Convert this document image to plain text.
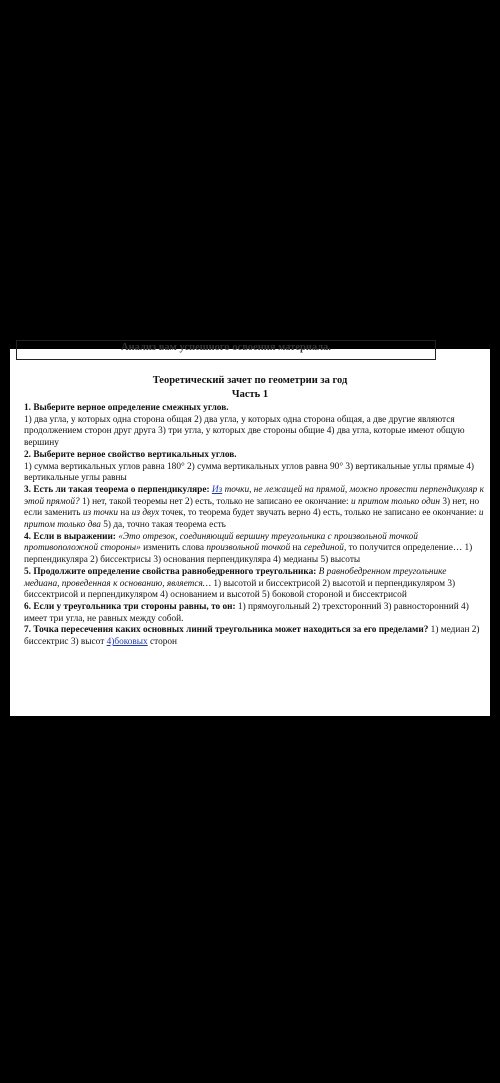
Анализ вам успешного освоения материала.
Теоретический зачет по геометрии за год
Часть 1

1. Выберите верное определение смежных углов.
1) два угла, у которых одна сторона общая 2) два угла, у которых одна сторона общая, а две другие являются продолжением сторон друг друга 3) три угла, у которых две стороны общие 4) два угла, которые имеют общую вершину

2. Выберите верное свойство вертикальных углов.
1) сумма вертикальных углов равна 180° 2) сумма вертикальных углов равна 90° 3) вертикальные углы прямые 4) вертикальные углы равны

3. Есть ли такая теорема о перпендикуляре: Из точки, не лежащей на прямой, можно провести перпендикуляр к этой прямой? 1) нет, такой теоремы нет 2) есть, только не записано ее окончание: и притом только один 3) нет, но если заменить из точки на из двух точек, то теорема будет звучать верно 4) есть, только не записано ее окончание: и притом только два 5) да, точно такая теорема есть

4. Если в выражении: «Это отрезок, соединяющий вершину треугольника с произвольной точкой противоположной стороны» изменить слова произвольной точкой на серединой, то получится определение… 1) перпендикуляра 2) биссектрисы 3) основания перпендикуляра 4) медианы 5) высоты

5. Продолжите определение свойства равнобедренного треугольника: В равнобедренном треугольнике медиана, проведенная к основанию, является… 1) высотой и биссектрисой 2) высотой и перпендикуляром 3) биссектрисой и перпендикуляром 4) основанием и высотой 5) боковой стороной и биссектрисой

6. Если у треугольника три стороны равны, то он: 1) прямоугольный 2) трехсторонний 3) равносторонний 4) имеет три угла, не равных между собой.

7. Точка пересечения каких основных линий треугольника может находиться за его пределами? 1) медиан 2) биссектрис 3) высот 4)боковых сторон
